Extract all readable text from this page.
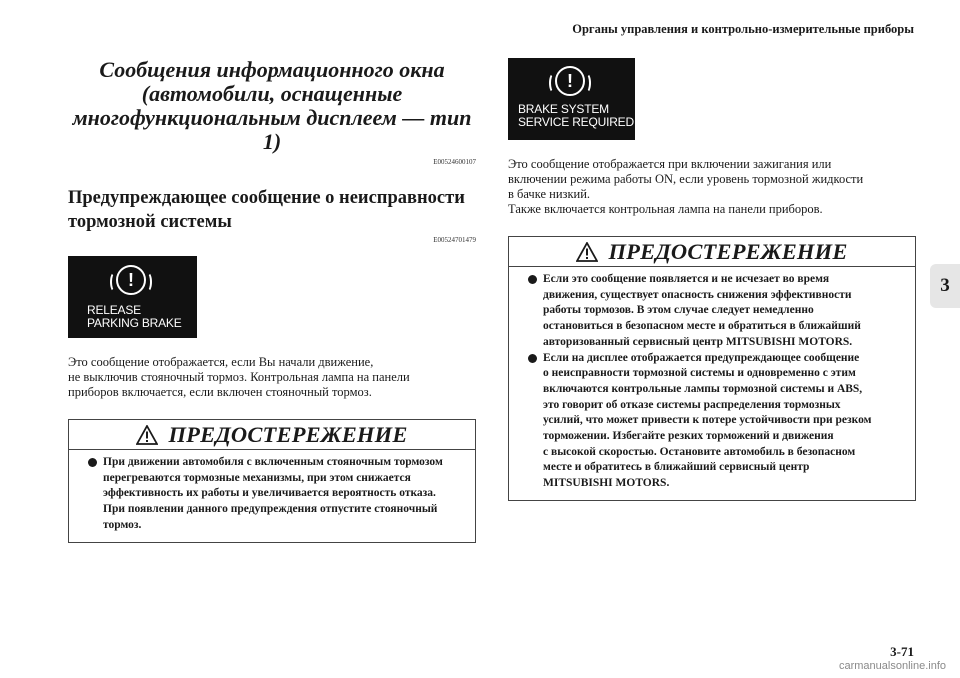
Органы управления и контрольно-измерительные приборы
3
Сообщения информационного окна
(автомобили, оснащенные
многофункциональным дисплеем — тип 1)
E00524600107
Предупреждающее сообщение о неисправности
тормозной системы
E00524701479
!
RELEASE
PARKING BRAKE

Это сообщение отображается, если Вы начали движение,

не выключив стояночный тормоз. Контрольная лампа на панели

приборов включается, если включен стояночный тормоз.

ПРЕДОСТЕРЕЖЕНИЕ
При движении автомобиля с включенным стояночным тормозом
перегреваются тормозные механизмы, при этом снижается
эффективность их работы и увеличивается вероятность отказа.
При появлении данного предупреждения отпустите стояночный
тормоз.
!
BRAKE SYSTEM
SERVICE REQUIRED

Это сообщение отображается при включении зажигания или

включении режима работы ON, если уровень тормозной жидкости

в бачке низкий.

Также включается контрольная лампа на панели приборов.

ПРЕДОСТЕРЕЖЕНИЕ
Если это сообщение появляется и не исчезает во время
движения, существует опасность снижения эффективности
работы тормозов. В этом случае следует немедленно
остановиться в безопасном месте и обратиться в ближайший
авторизованный сервисный центр MITSUBISHI MOTORS.
Если на дисплее отображается предупреждающее сообщение
о неисправности тормозной системы и одновременно с этим
включаются контрольные лампы тормозной системы и ABS,
это говорит об отказе системы распределения тормозных
усилий, что может привести к потере устойчивости при резком
торможении. Избегайте резких торможений и движения
с высокой скоростью. Остановите автомобиль в безопасном
месте и обратитесь в ближайший сервисный центр
MITSUBISHI MOTORS.
3-71
carmanualsonline.info
